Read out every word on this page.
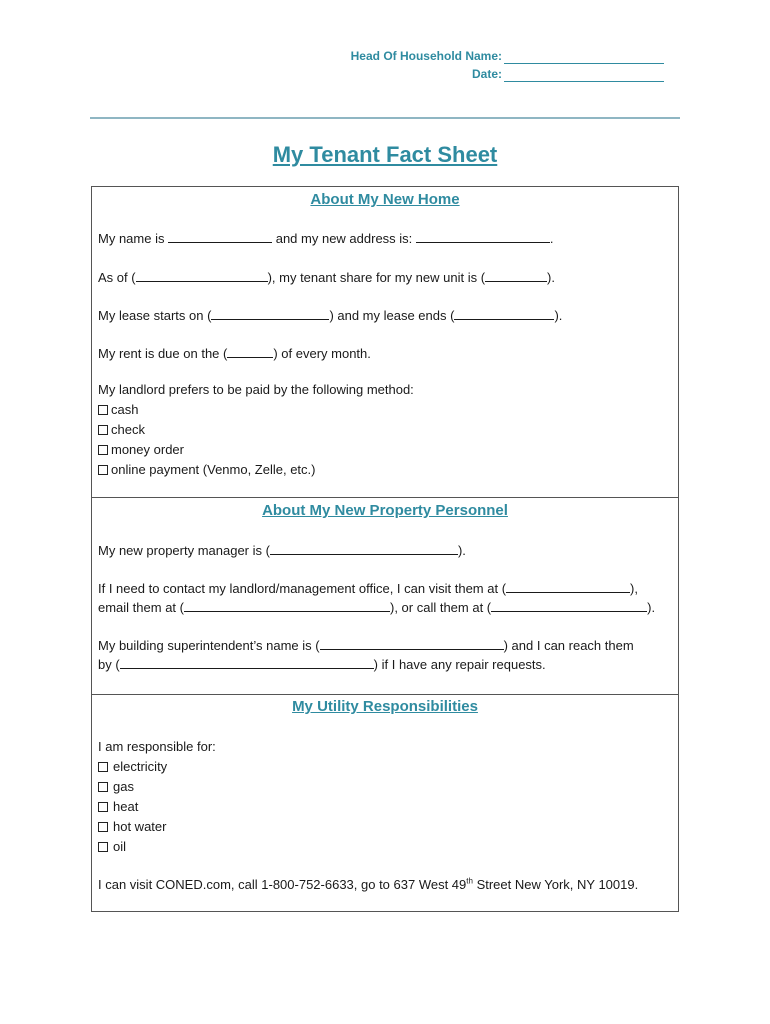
Head Of Household Name:
Date:
My Tenant Fact Sheet
About My New Home
My name is	and my new address is:	.
As of (	), my tenant share for my new unit is (	).
My lease starts on (	) and my lease ends (	).
My rent is due on the (	) of every month.
My landlord prefers to be paid by the following method:
cash
check
money order
online payment (Venmo, Zelle, etc.)
About My New Property Personnel
My new property manager is (	).
If I need to contact my landlord/management office, I can visit them at (	),
email them at (	), or call them at (	).
My building superintendent’s name is (	) and I can reach them
by (	) if I have any repair requests.
My Utility Responsibilities
I am responsible for:
electricity
gas
heat
hot water
oil
I can visit CONED.com, call 1-800-752-6633, go to 637 West 49th Street New York, NY 10019.
